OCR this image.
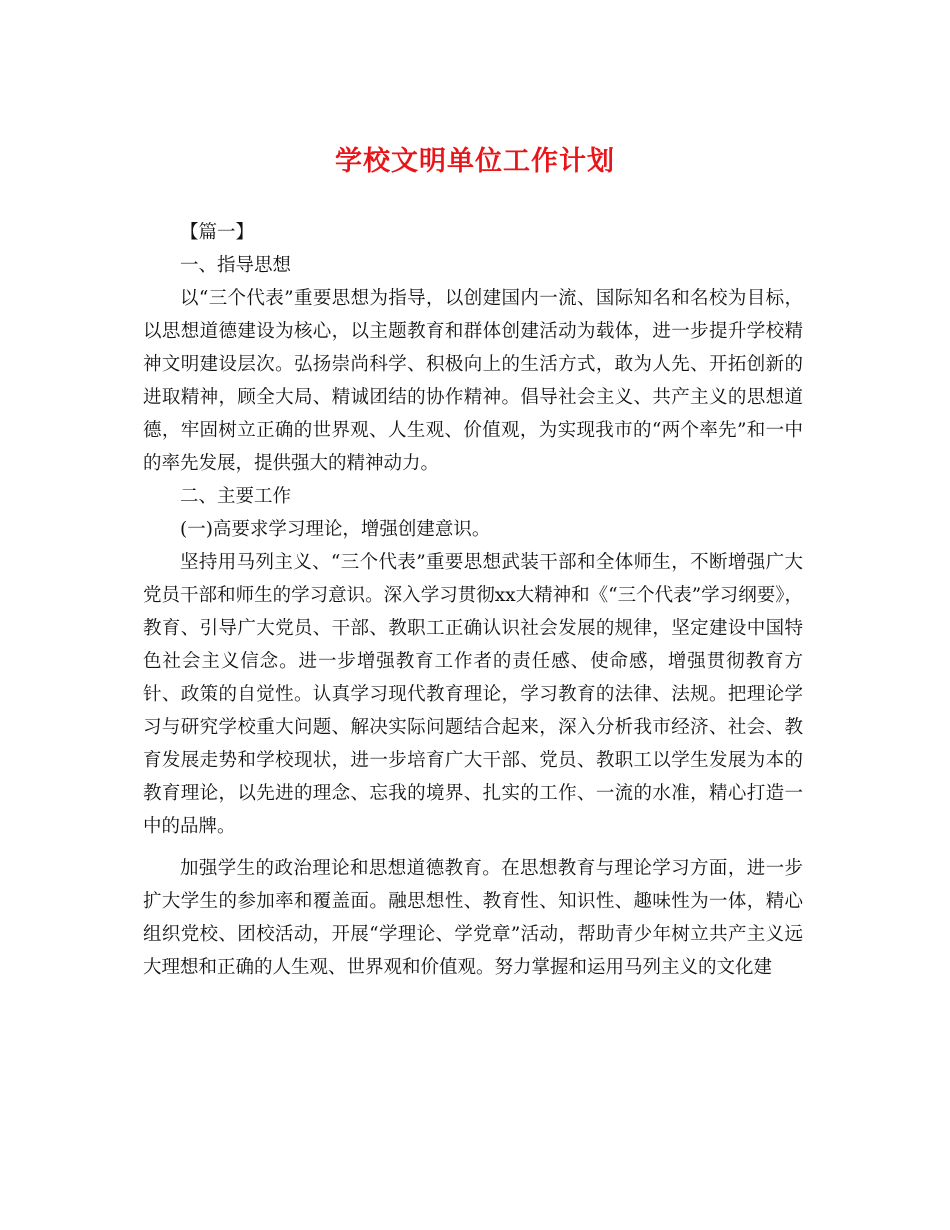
学校文明单位工作计划

【篇一】

一、指导思想

以“三个代表”重要思想为指导，以创建国内一流、国际知名和名校为目标，以思想道德建设为核心，以主题教育和群体创建活动为载体，进一步提升学校精神文明建设层次。弘扬崇尚科学、积极向上的生活方式，敢为人先、开拓创新的进取精神，顾全大局、精诚团结的协作精神。倡导社会主义、共产主义的思想道德，牢固树立正确的世界观、人生观、价值观，为实现我市的“两个率先”和一中的率先发展，提供强大的精神动力。

二、主要工作

(一)高要求学习理论，增强创建意识。

坚持用马列主义、“三个代表”重要思想武装干部和全体师生，不断增强广大党员干部和师生的学习意识。深入学习贯彻xx大精神和《“三个代表”学习纲要》，教育、引导广大党员、干部、教职工正确认识社会发展的规律，坚定建设中国特色社会主义信念。进一步增强教育工作者的责任感、使命感，增强贯彻教育方针、政策的自觉性。认真学习现代教育理论，学习教育的法律、法规。把理论学习与研究学校重大问题、解决实际问题结合起来，深入分析我市经济、社会、教育发展走势和学校现状，进一步培育广大干部、党员、教职工以学生发展为本的教育理论，以先进的理念、忘我的境界、扎实的工作、一流的水准，精心打造一中的品牌。

加强学生的政治理论和思想道德教育。在思想教育与理论学习方面，进一步扩大学生的参加率和覆盖面。融思想性、教育性、知识性、趣味性为一体，精心组织党校、团校活动，开展“学理论、学党章”活动，帮助青少年树立共产主义远大理想和正确的人生观、世界观和价值观。努力掌握和运用马列主义的文化建
